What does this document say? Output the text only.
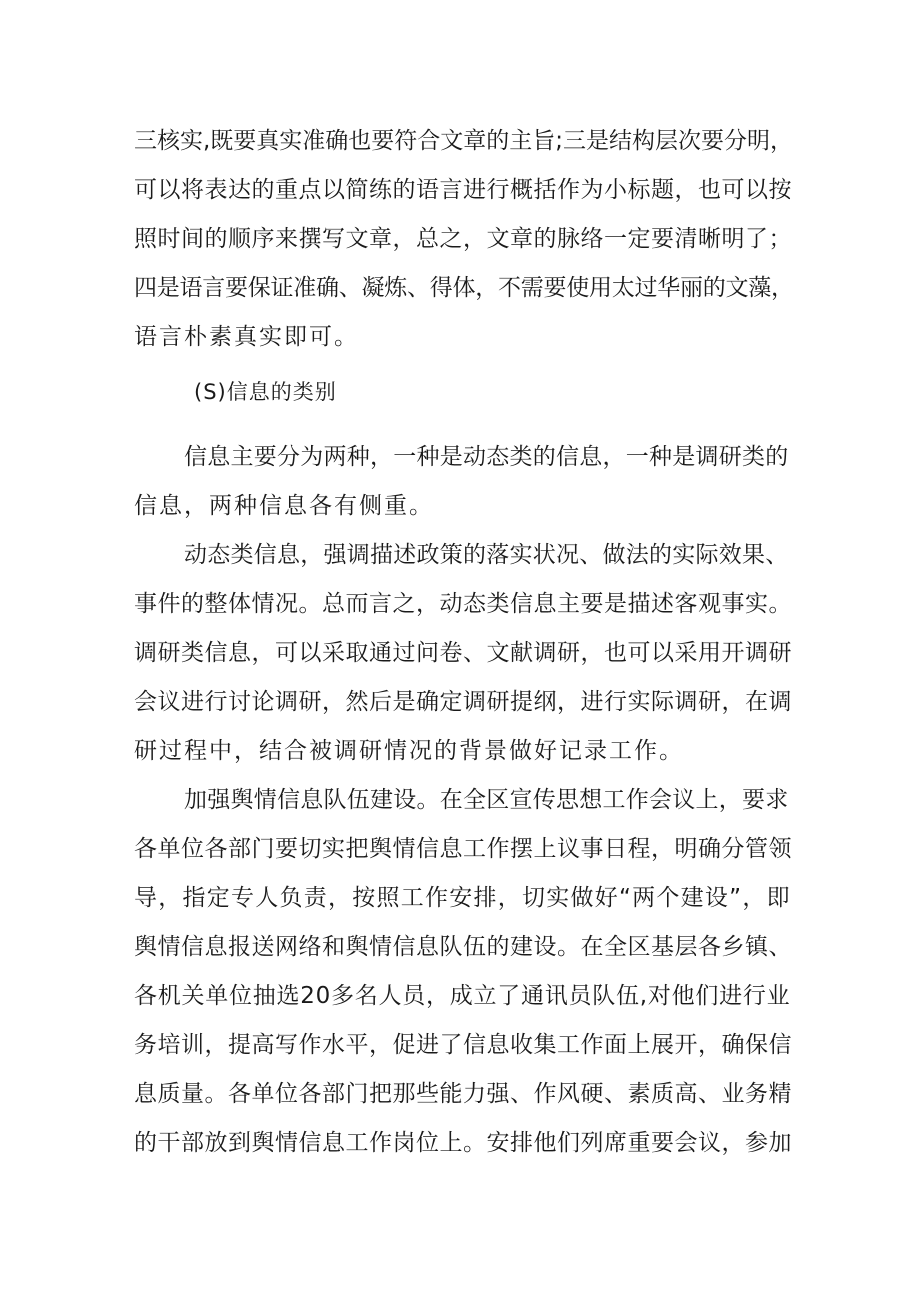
三核实,既要真实准确也要符合文章的主旨;三是结构层次要分明，
可以将表达的重点以简练的语言进行概括作为小标题，也可以按
照时间的顺序来撰写文章，总之，文章的脉络一定要清晰明了；
四是语言要保证准确、凝炼、得体，不需要使用太过华丽的文藻，
语言朴素真实即可。
(S)信息的类别
信息主要分为两种，一种是动态类的信息，一种是调研类的
信息，两种信息各有侧重。
动态类信息，强调描述政策的落实状况、做法的实际效果、
事件的整体情况。总而言之，动态类信息主要是描述客观事实。
调研类信息，可以采取通过问卷、文献调研，也可以采用开调研
会议进行讨论调研，然后是确定调研提纲，进行实际调研，在调
研过程中，结合被调研情况的背景做好记录工作。
加强舆情信息队伍建设。在全区宣传思想工作会议上，要求
各单位各部门要切实把舆情信息工作摆上议事日程，明确分管领
导，指定专人负责，按照工作安排，切实做好“两个建设”，即
舆情信息报送网络和舆情信息队伍的建设。在全区基层各乡镇、
各机关单位抽选20多名人员，成立了通讯员队伍,对他们进行业
务培训，提高写作水平，促进了信息收集工作面上展开，确保信
息质量。各单位各部门把那些能力强、作风硬、素质高、业务精
的干部放到舆情信息工作岗位上。安排他们列席重要会议，参加
